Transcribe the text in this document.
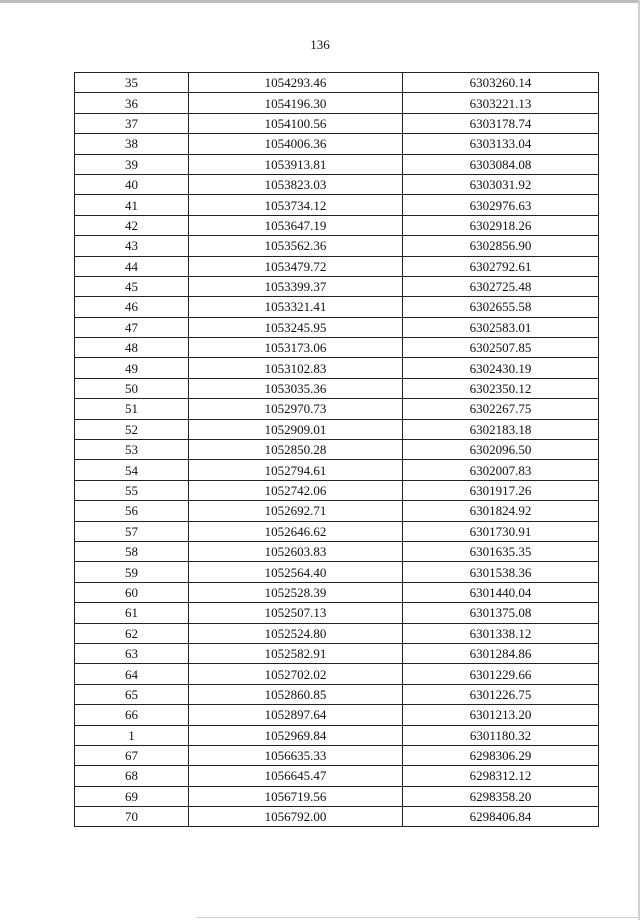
136
35	1054293.46	6303260.14
36	1054196.30	6303221.13
37	1054100.56	6303178.74
38	1054006.36	6303133.04
39	1053913.81	6303084.08
40	1053823.03	6303031.92
41	1053734.12	6302976.63
42	1053647.19	6302918.26
43	1053562.36	6302856.90
44	1053479.72	6302792.61
45	1053399.37	6302725.48
46	1053321.41	6302655.58
47	1053245.95	6302583.01
48	1053173.06	6302507.85
49	1053102.83	6302430.19
50	1053035.36	6302350.12
51	1052970.73	6302267.75
52	1052909.01	6302183.18
53	1052850.28	6302096.50
54	1052794.61	6302007.83
55	1052742.06	6301917.26
56	1052692.71	6301824.92
57	1052646.62	6301730.91
58	1052603.83	6301635.35
59	1052564.40	6301538.36
60	1052528.39	6301440.04
61	1052507.13	6301375.08
62	1052524.80	6301338.12
63	1052582.91	6301284.86
64	1052702.02	6301229.66
65	1052860.85	6301226.75
66	1052897.64	6301213.20
1	1052969.84	6301180.32
67	1056635.33	6298306.29
68	1056645.47	6298312.12
69	1056719.56	6298358.20
70	1056792.00	6298406.84
